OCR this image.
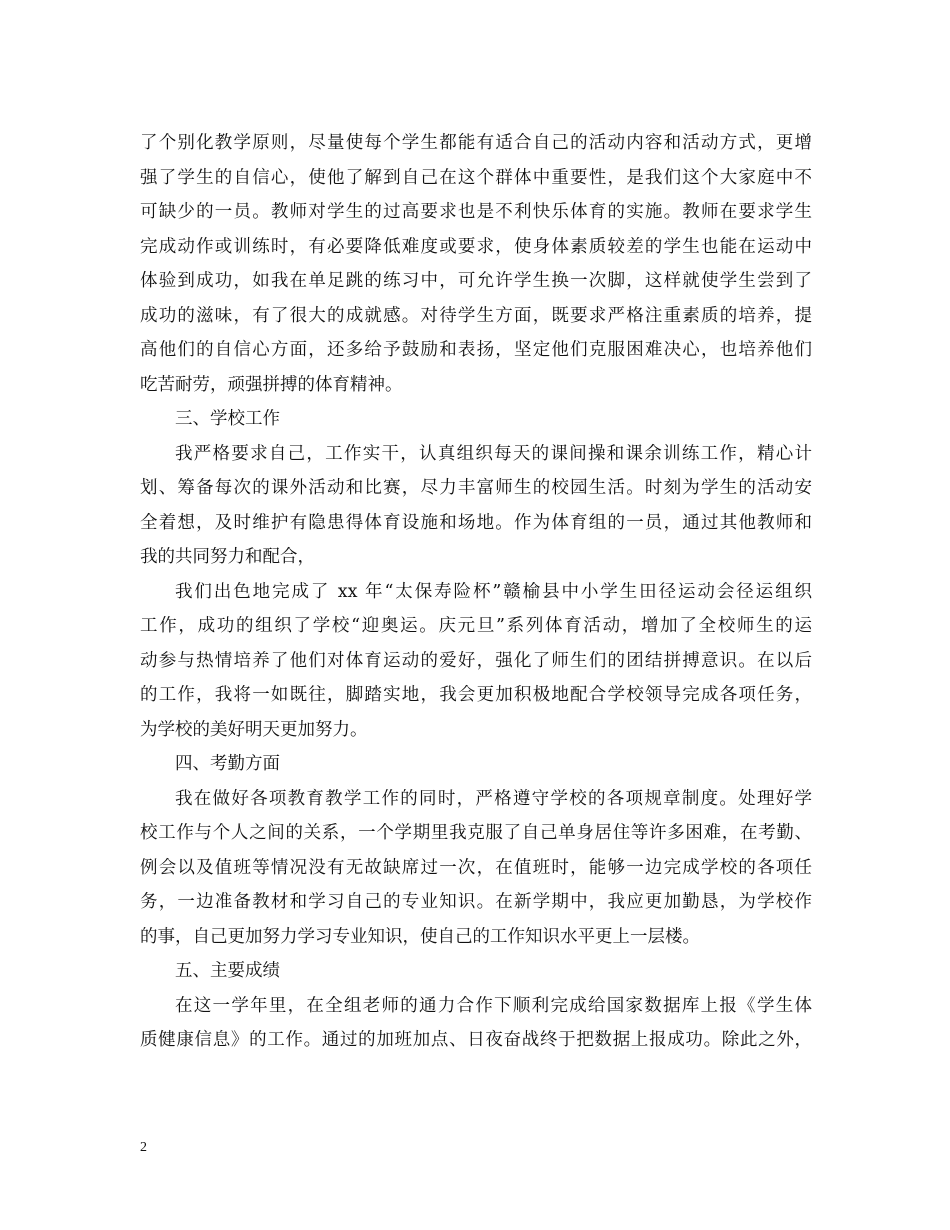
了个别化教学原则，尽量使每个学生都能有适合自己的活动内容和活动方式，更增
强了学生的自信心，使他了解到自己在这个群体中重要性，是我们这个大家庭中不
可缺少的一员。教师对学生的过高要求也是不利快乐体育的实施。教师在要求学生
完成动作或训练时，有必要降低难度或要求，使身体素质较差的学生也能在运动中
体验到成功，如我在单足跳的练习中，可允许学生换一次脚，这样就使学生尝到了
成功的滋味，有了很大的成就感。对待学生方面，既要求严格注重素质的培养，提
高他们的自信心方面，还多给予鼓励和表扬，坚定他们克服困难决心，也培养他们
吃苦耐劳，顽强拼搏的体育精神。
三、学校工作
我严格要求自己，工作实干，认真组织每天的课间操和课余训练工作，精心计
划、筹备每次的课外活动和比赛，尽力丰富师生的校园生活。时刻为学生的活动安
全着想，及时维护有隐患得体育设施和场地。作为体育组的一员，通过其他教师和
我的共同努力和配合，
我们出色地完成了 xx 年“太保寿险杯”赣榆县中小学生田径运动会径运组织
工作，成功的组织了学校“迎奥运。庆元旦”系列体育活动，增加了全校师生的运
动参与热情培养了他们对体育运动的爱好，强化了师生们的团结拼搏意识。在以后
的工作，我将一如既往，脚踏实地，我会更加积极地配合学校领导完成各项任务，
为学校的美好明天更加努力。
四、考勤方面
我在做好各项教育教学工作的同时，严格遵守学校的各项规章制度。处理好学
校工作与个人之间的关系，一个学期里我克服了自己单身居住等许多困难，在考勤、
例会以及值班等情况没有无故缺席过一次，在值班时，能够一边完成学校的各项任
务，一边准备教材和学习自己的专业知识。在新学期中，我应更加勤恳，为学校作
的事，自己更加努力学习专业知识，使自己的工作知识水平更上一层楼。
五、主要成绩
在这一学年里，在全组老师的通力合作下顺利完成给国家数据库上报《学生体
质健康信息》的工作。通过的加班加点、日夜奋战终于把数据上报成功。除此之外，
2
